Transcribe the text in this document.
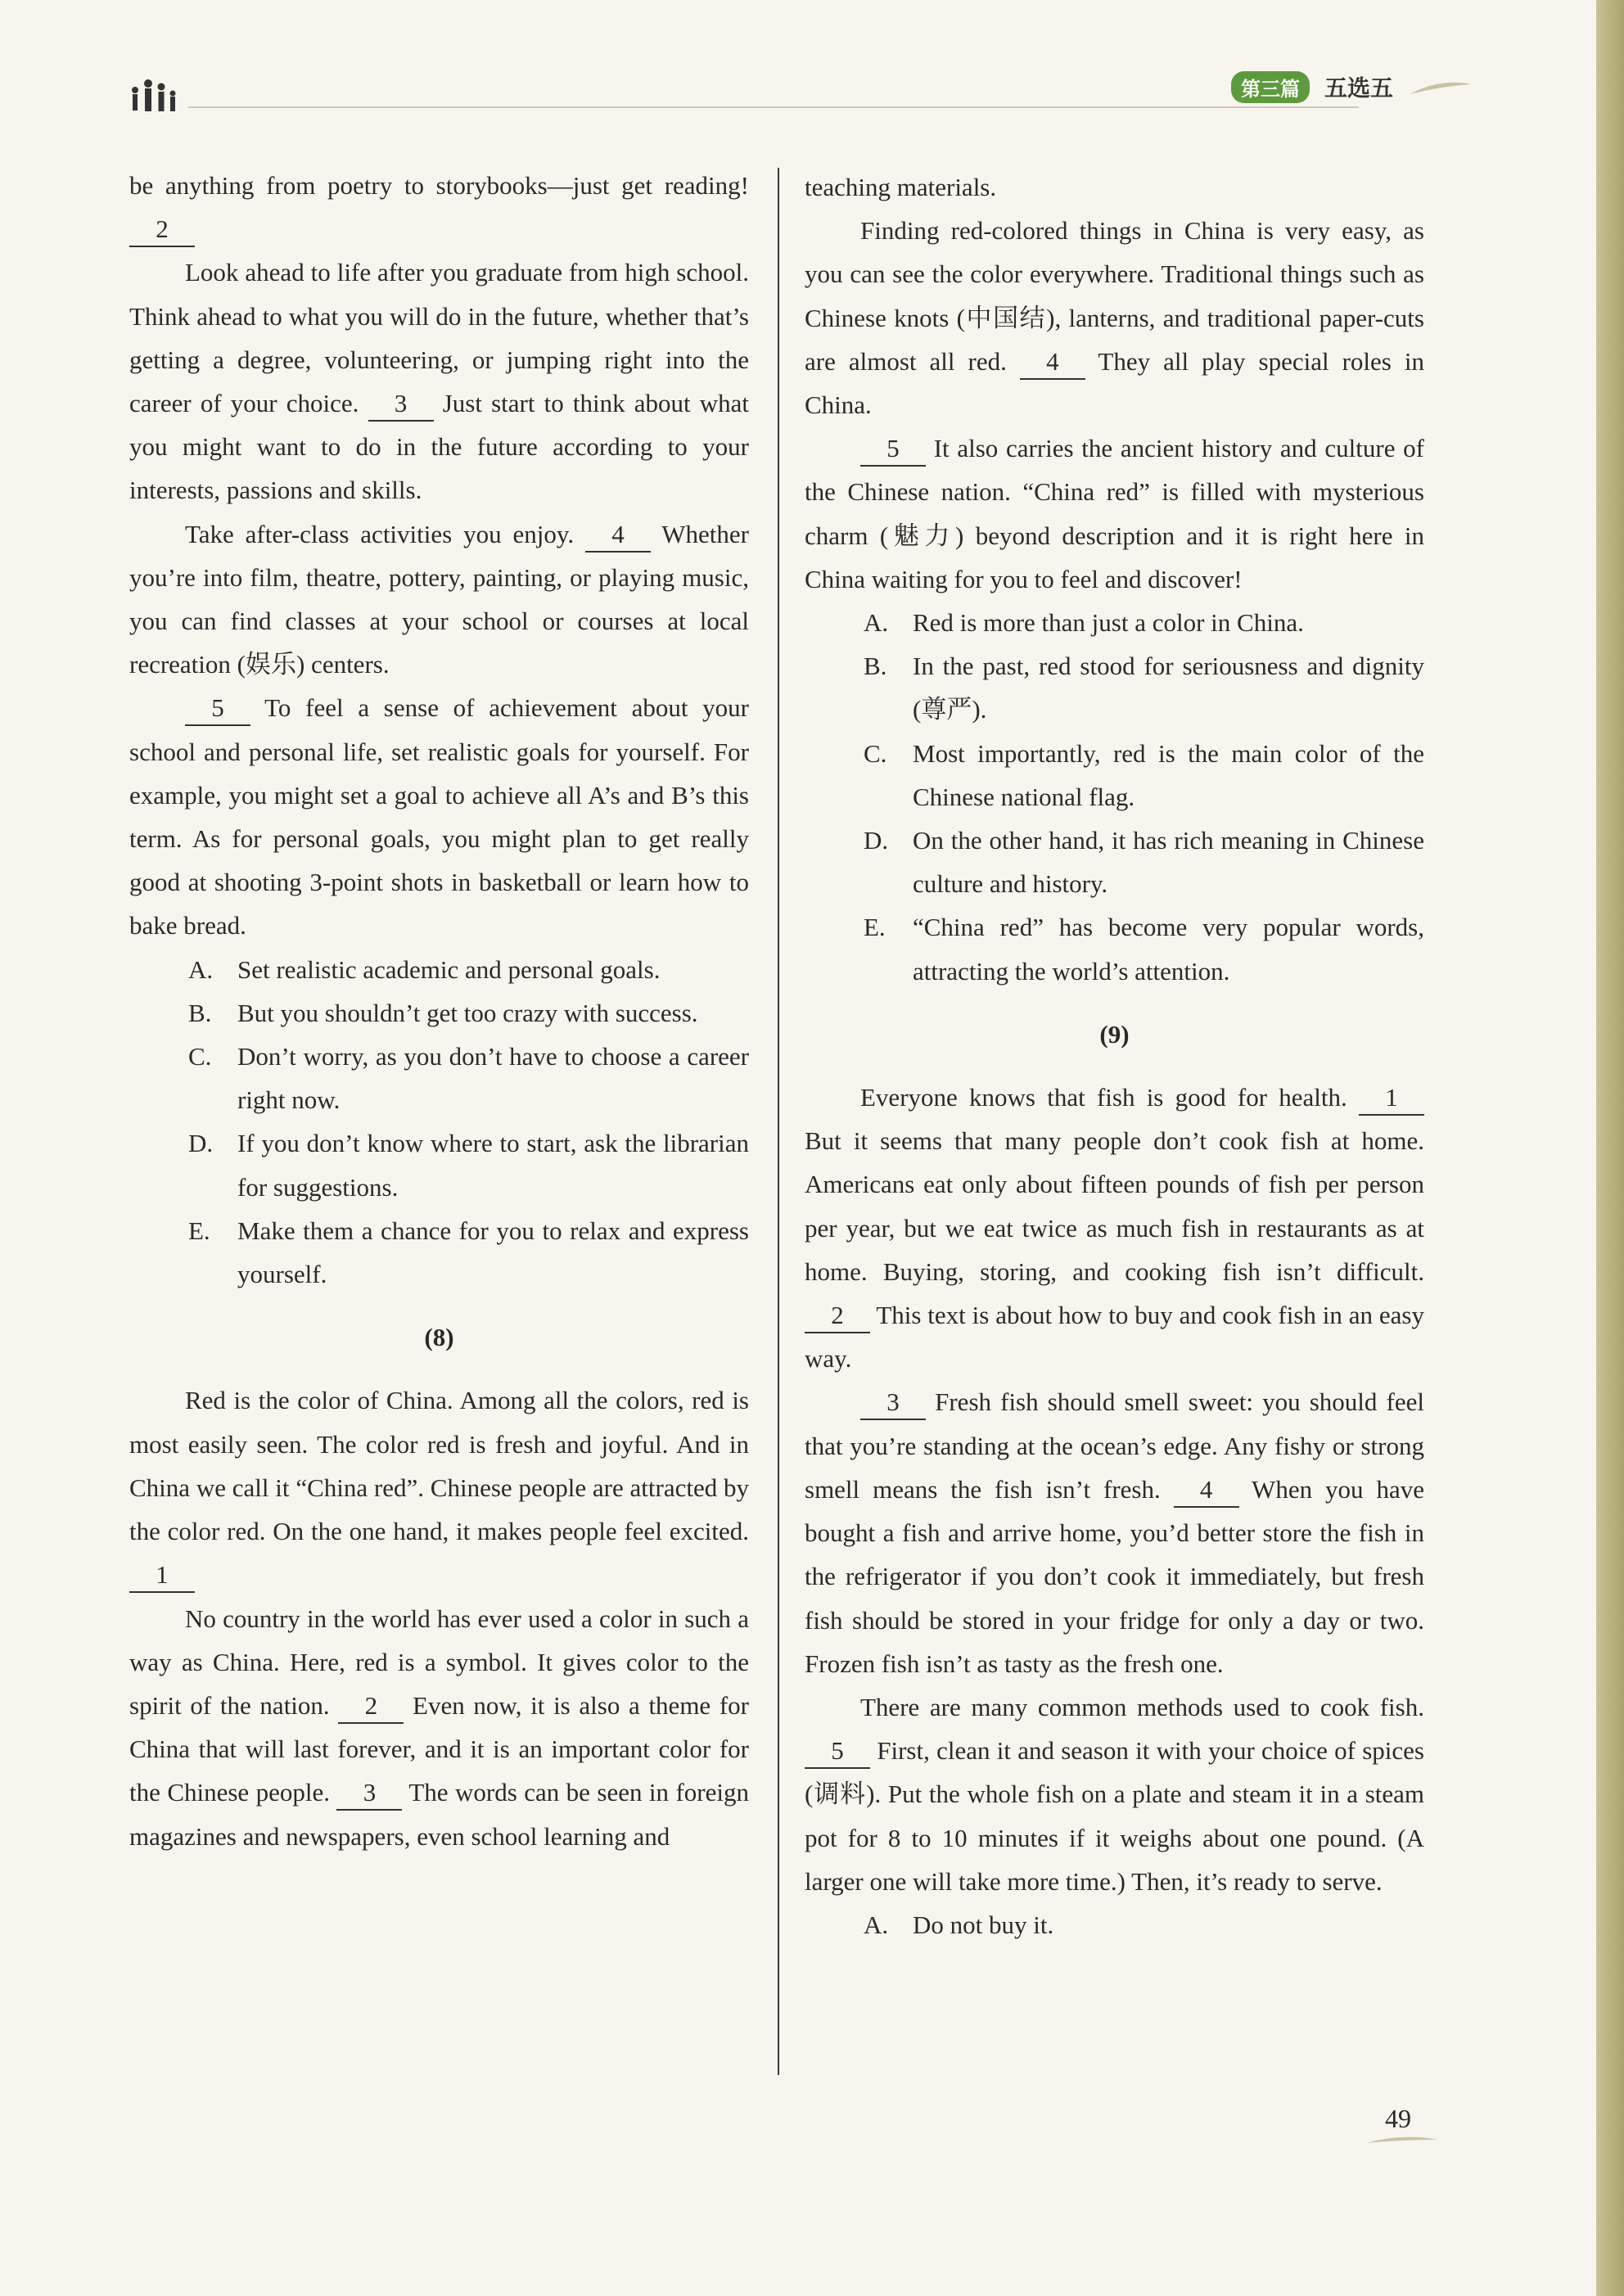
第三篇	五选五

be anything from poetry to storybooks—just get reading! 2

Look ahead to life after you graduate from high school. Think ahead to what you will do in the future, whether that’s getting a degree, volunteering, or jumping right into the career of your choice. 3 Just start to think about what you might want to do in the future according to your interests, passions and skills.

Take after-class activities you enjoy. 4 Whether you’re into film, theatre, pottery, painting, or playing music, you can find classes at your school or courses at local recreation (娱乐) centers.

5 To feel a sense of achievement about your school and personal life, set realistic goals for yourself. For example, you might set a goal to achieve all A’s and B’s this term. As for personal goals, you might plan to get really good at shooting 3-point shots in basketball or learn how to bake bread.

A. Set realistic academic and personal goals.
B.	But you shouldn’t get too crazy with success.
C.	Don’t worry, as you don’t have to choose a career right now.
D. If you don’t know where to start, ask the librarian for suggestions.
E.	Make them a chance for you to relax and express yourself.
(8)

Red is the color of China. Among all the colors, red is most easily seen. The color red is fresh and joyful. And in China we call it “China red”. Chinese people are attracted by the color red. On the one hand, it makes people feel excited. 1

No country in the world has ever used a color in such a way as China. Here, red is a symbol. It gives color to the spirit of the nation. 2 Even now, it is also a theme for China that will last forever, and it is an important color for the Chinese people. 3 The words can be seen in foreign magazines and newspapers, even school learning and

teaching materials.

Finding red-colored things in China is very easy, as you can see the color everywhere. Traditional things such as Chinese knots (中国结), lanterns, and traditional paper-cuts are almost all red. 4 They all play special roles in China.

5 It also carries the ancient history and culture of the Chinese nation. “China red” is filled with mysterious charm (魅力) beyond description and it is right here in China waiting for you to feel and discover!

A. Red is more than just a color in China.
B.	In the past, red stood for seriousness and dignity (尊严).
C.	Most importantly, red is the main color of the Chinese national flag.
D. On the other hand, it has rich meaning in Chinese culture and history.
E.	“China red” has become very popular words, attracting the world’s attention.
(9)

Everyone knows that fish is good for health. 1 But it seems that many people don’t cook fish at home. Americans eat only about fifteen pounds of fish per person per year, but we eat twice as much fish in restaurants as at home. Buying, storing, and cooking fish isn’t difficult. 2 This text is about how to buy and cook fish in an easy way.

3 Fresh fish should smell sweet: you should feel that you’re standing at the ocean’s edge. Any fishy or strong smell means the fish isn’t fresh. 4 When you have bought a fish and arrive home, you’d better store the fish in the refrigerator if you don’t cook it immediately, but fresh fish should be stored in your fridge for only a day or two. Frozen fish isn’t as tasty as the fresh one.

There are many common methods used to cook fish. 5 First, clean it and season it with your choice of spices (调料). Put the whole fish on a plate and steam it in a steam pot for 8 to 10 minutes if it weighs about one pound. (A larger one will take more time.) Then, it’s ready to serve.

A. Do not buy it.
49
